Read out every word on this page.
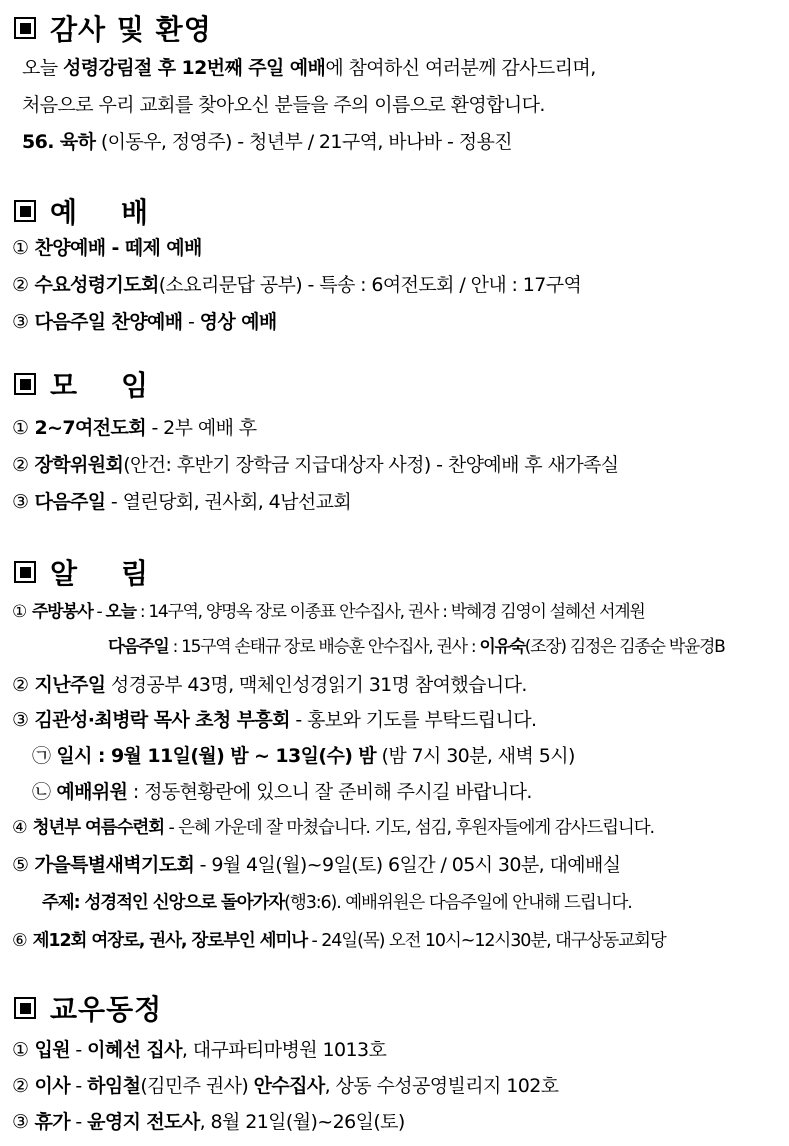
감사 및 환영
오늘 성령강림절 후 12번째 주일 예배에 참여하신 여러분께 감사드리며,
처음으로 우리 교회를 찾아오신 분들을 주의 이름으로 환영합니다.
56. 육하 (이동우, 정영주) - 청년부 / 21구역, 바나바 - 정용진
예    배
① 찬양예배 - 떼제 예배
② 수요성령기도회(소요리문답 공부) - 특송 : 6여전도회 / 안내 : 17구역
③ 다음주일 찬양예배 - 영상 예배
모    임
① 2~7여전도회 - 2부 예배 후
② 장학위원회(안건: 후반기 장학금 지급대상자 사정) - 찬양예배 후 새가족실
③ 다음주일 - 열린당회, 권사회, 4남선교회
알    림
① 주방봉사 - 오늘 : 14구역, 양명옥 장로 이종표 안수집사, 권사 : 박혜경 김영이 설혜선 서계원
다음주일 : 15구역 손태규 장로 배승훈 안수집사, 권사 : 이유숙(조장) 김정은 김종순 박윤경B
② 지난주일 성경공부 43명, 맥체인성경읽기 31명 참여했습니다.
③ 김관성·최병락 목사 초청 부흥회 - 홍보와 기도를 부탁드립니다.
㉠ 일시 : 9월 11일(월) 밤 ~ 13일(수) 밤 (밤 7시 30분, 새벽 5시)
㉡ 예배위원 : 정동현황란에 있으니 잘 준비해 주시길 바랍니다.
④ 청년부 여름수련회 - 은혜 가운데 잘 마쳤습니다. 기도, 섬김, 후원자들에게 감사드립니다.
⑤ 가을특별새벽기도회 - 9월 4일(월)~9일(토) 6일간 / 05시 30분, 대예배실
주제: 성경적인 신앙으로 돌아가자(행3:6). 예배위원은 다음주일에 안내해 드립니다.
⑥ 제12회 여장로, 권사, 장로부인 세미나 - 24일(목) 오전 10시~12시30분, 대구상동교회당
교우동정
① 입원 - 이혜선 집사, 대구파티마병원 1013호
② 이사 - 하임철(김민주 권사) 안수집사, 상동 수성공영빌리지 102호
③ 휴가 - 윤영지 전도사, 8월 21일(월)~26일(토)
